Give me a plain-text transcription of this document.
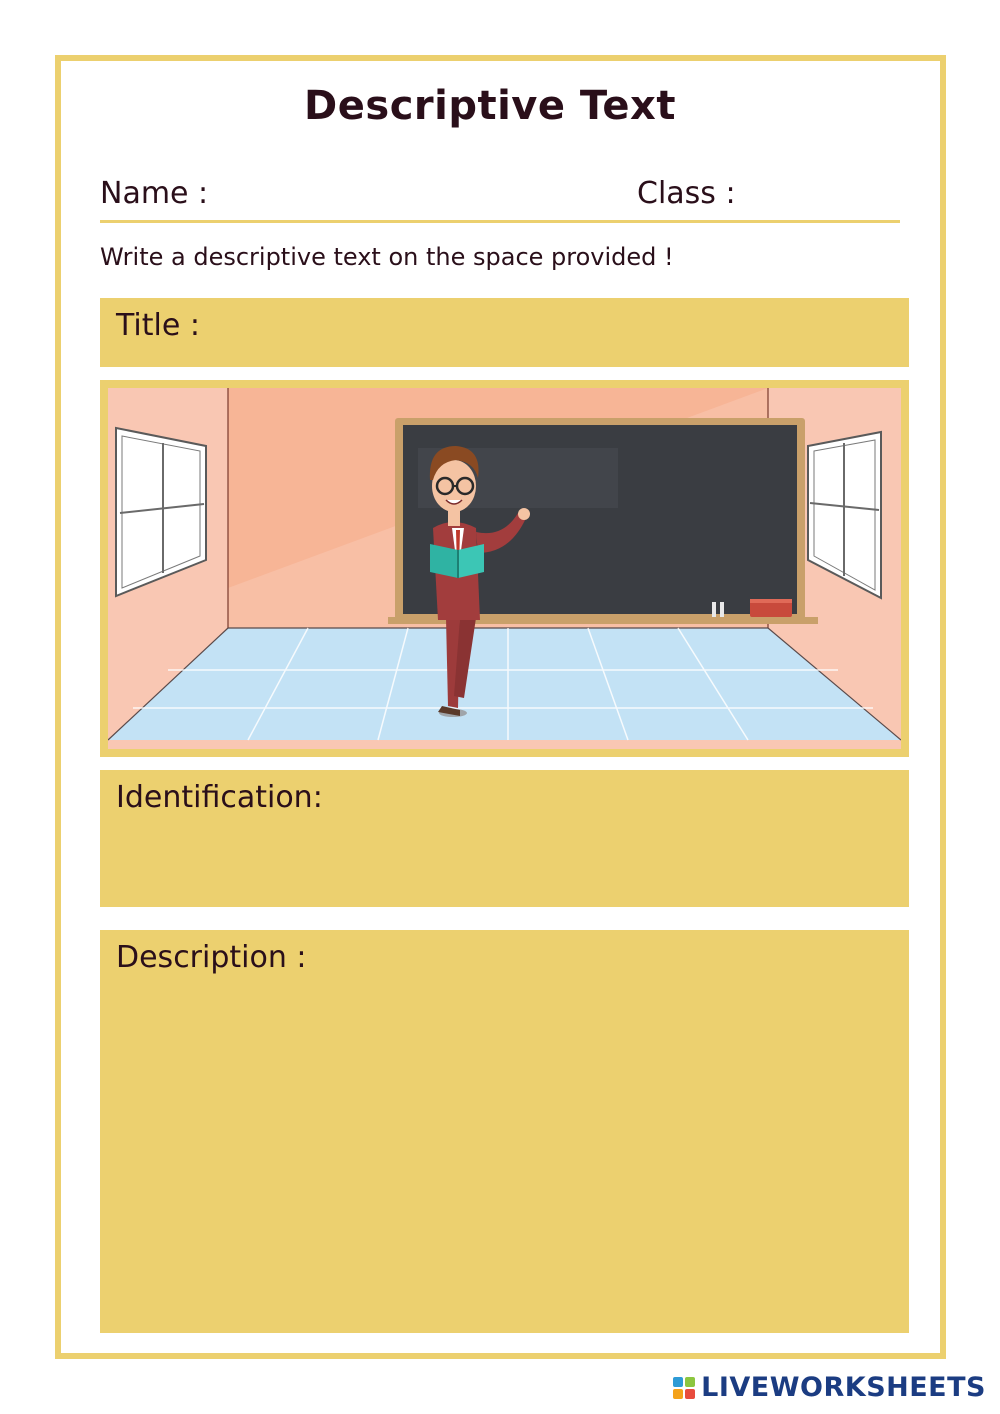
Descriptive Text
Name :	Class :
Write a descriptive text on the space provided !
Title :
Identification:
Description :
LIVEWORKSHEETS
